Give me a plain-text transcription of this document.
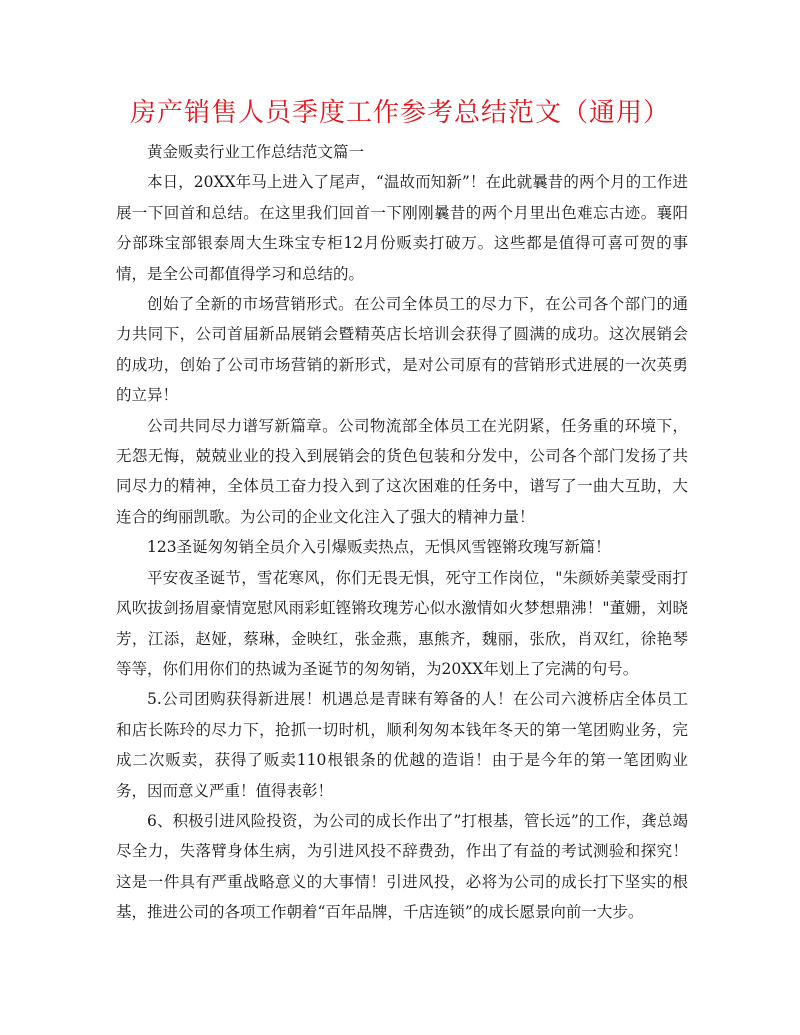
房产销售人员季度工作参考总结范文（通用）

黄金贩卖行业工作总结范文篇一

本日，20XX年马上进入了尾声，“温故而知新”！在此就曩昔的两个月的工作进展一下回首和总结。在这里我们回首一下刚刚曩昔的两个月里出色难忘古迹。襄阳分部珠宝部银泰周大生珠宝专柜12月份贩卖打破万。这些都是值得可喜可贺的事情，是全公司都值得学习和总结的。

创始了全新的市场营销形式。在公司全体员工的尽力下，在公司各个部门的通力共同下，公司首届新品展销会暨精英店长培训会获得了圆满的成功。这次展销会的成功，创始了公司市场营销的新形式，是对公司原有的营销形式进展的一次英勇的立异！

公司共同尽力谱写新篇章。公司物流部全体员工在光阴紧，任务重的环境下，无怨无悔，兢兢业业的投入到展销会的货色包装和分发中，公司各个部门发扬了共同尽力的精神，全体员工奋力投入到了这次困难的任务中，谱写了一曲大互助，大连合的绚丽凯歌。为公司的企业文化注入了强大的精神力量！

123圣诞匆匆销全员介入引爆贩卖热点，无惧风雪铿锵玫瑰写新篇！

平安夜圣诞节，雪花寒风，你们无畏无惧，死守工作岗位，"朱颜娇美蒙受雨打风吹拔剑扬眉豪情宽慰风雨彩虹铿锵玫瑰芳心似水激情如火梦想鼎沸！"董姗，刘晓芳，江添，赵娅，蔡琳，金映红，张金燕，惠熊齐，魏丽，张欣，肖双红，徐艳琴等等，你们用你们的热诚为圣诞节的匆匆销，为20XX年划上了完满的句号。

5.公司团购获得新进展！机遇总是青睐有筹备的人！在公司六渡桥店全体员工和店长陈玲的尽力下，抢抓一切时机，顺利匆匆本钱年冬天的第一笔团购业务，完成二次贩卖，获得了贩卖110根银条的优越的造诣！由于是今年的第一笔团购业务，因而意义严重！值得表彰！

6、积极引进风险投资，为公司的成长作出了”打根基，管长远”的工作，龚总竭尽全力，失落臂身体生病，为引进风投不辞费劲，作出了有益的考试测验和探究！这是一件具有严重战略意义的大事情！引进风投，必将为公司的成长打下坚实的根基，推进公司的各项工作朝着“百年品牌，千店连锁”的成长愿景向前一大步。
